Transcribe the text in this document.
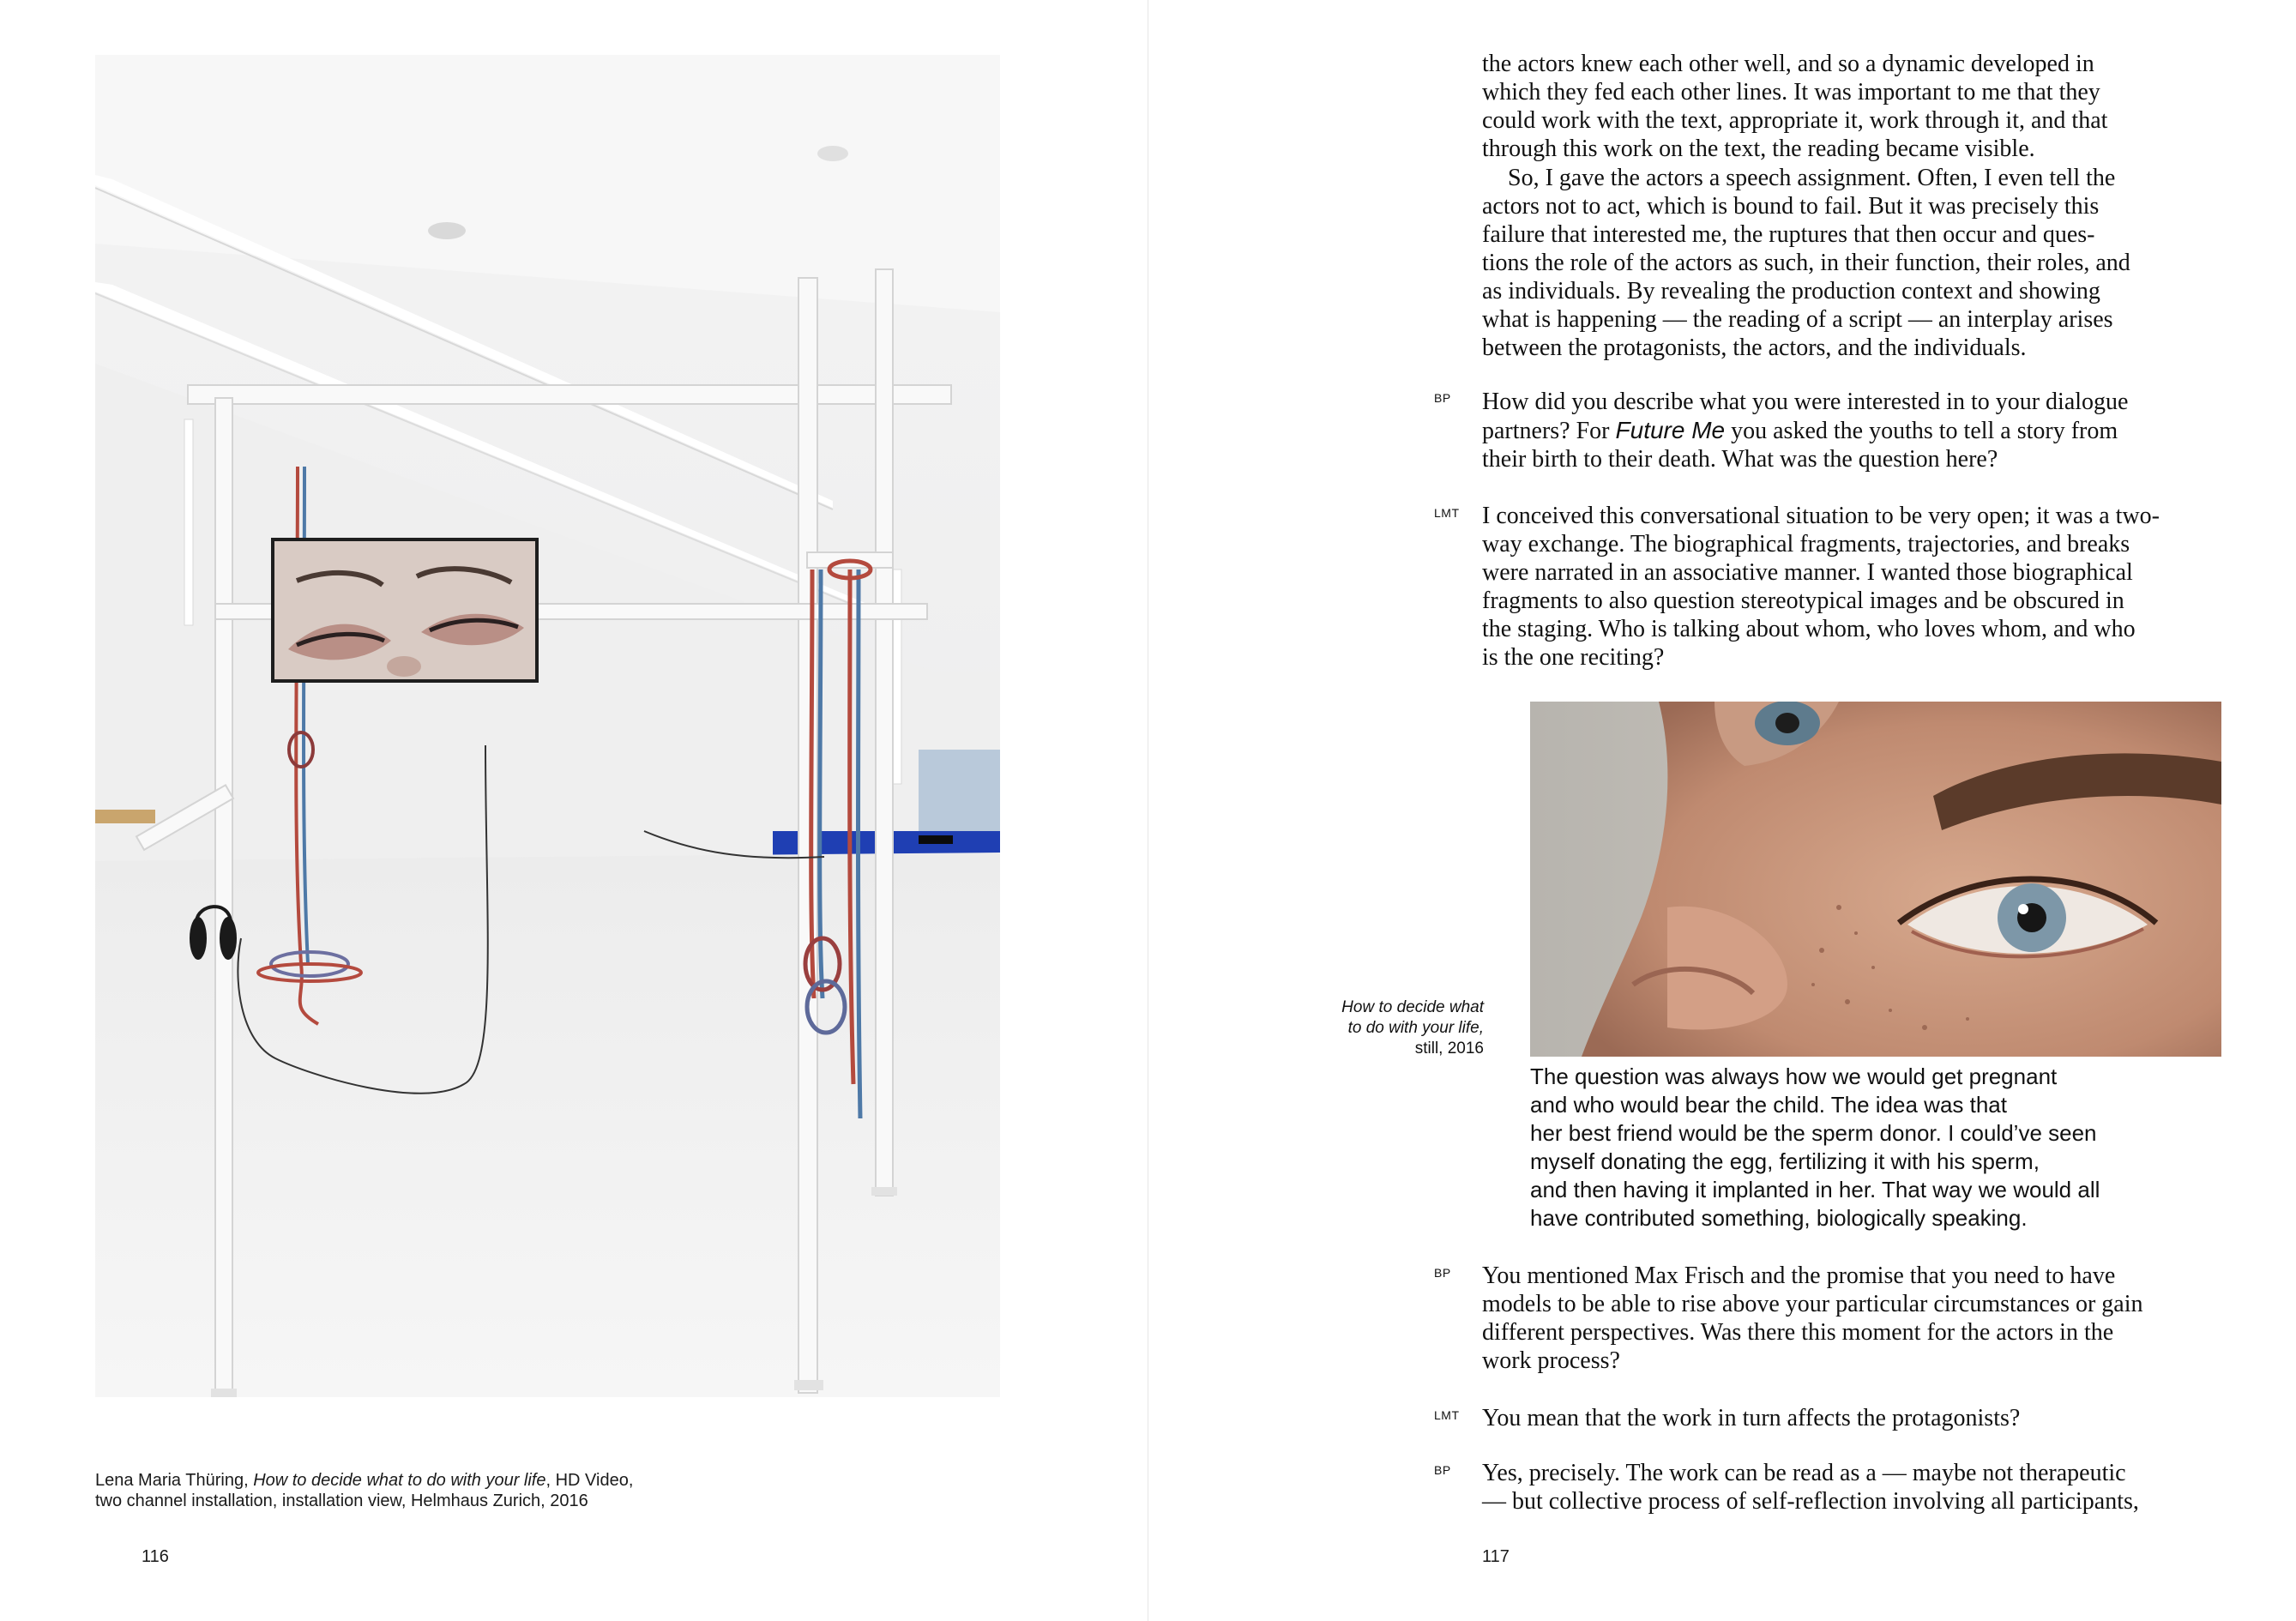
Lena Maria Thüring, How to decide what to do with your life, HD Video,
two channel installation, installation view, Helmhaus Zurich, 2016
116
the actors knew each other well, and so a dynamic developed in
which they fed each other lines. It was important to me that they
could work with the text, appropriate it, work through it, and that
through this work on the text, the reading became visible.
So, I gave the actors a speech assignment. Often, I even tell the
actors not to act, which is bound to fail. But it was precisely this
failure that interested me, the ruptures that then occur and ques-
tions the role of the actors as such, in their function, their roles, and
as individuals. By revealing the production context and showing
what is happening — the reading of a script — an interplay arises
between the protagonists, the actors, and the individuals.
BP How did you describe what you were interested in to your dialogue
partners? For Future Me you asked the youths to tell a story from
their birth to their death. What was the question here?
LMT I conceived this conversational situation to be very open; it was a two-
way exchange. The biographical fragments, trajectories, and breaks
were narrated in an associative manner. I wanted those biographical
fragments to also question stereotypical images and be obscured in
the staging. Who is talking about whom, who loves whom, and who
is the one reciting?
How to decide what
to do with your life,
still, 2016
The question was always how we would get pregnant
and who would bear the child. The idea was that
her best friend would be the sperm donor. I could’ve seen
myself donating the egg, fertilizing it with his sperm,
and then having it implanted in her. That way we would all
have contributed something, biologically speaking.
BP You mentioned Max Frisch and the promise that you need to have
models to be able to rise above your particular circumstances or gain
different perspectives. Was there this moment for the actors in the
work process?
LMT You mean that the work in turn affects the protagonists?
BP Yes, precisely. The work can be read as a — maybe not therapeutic
— but collective process of self-reflection involving all participants,
117
